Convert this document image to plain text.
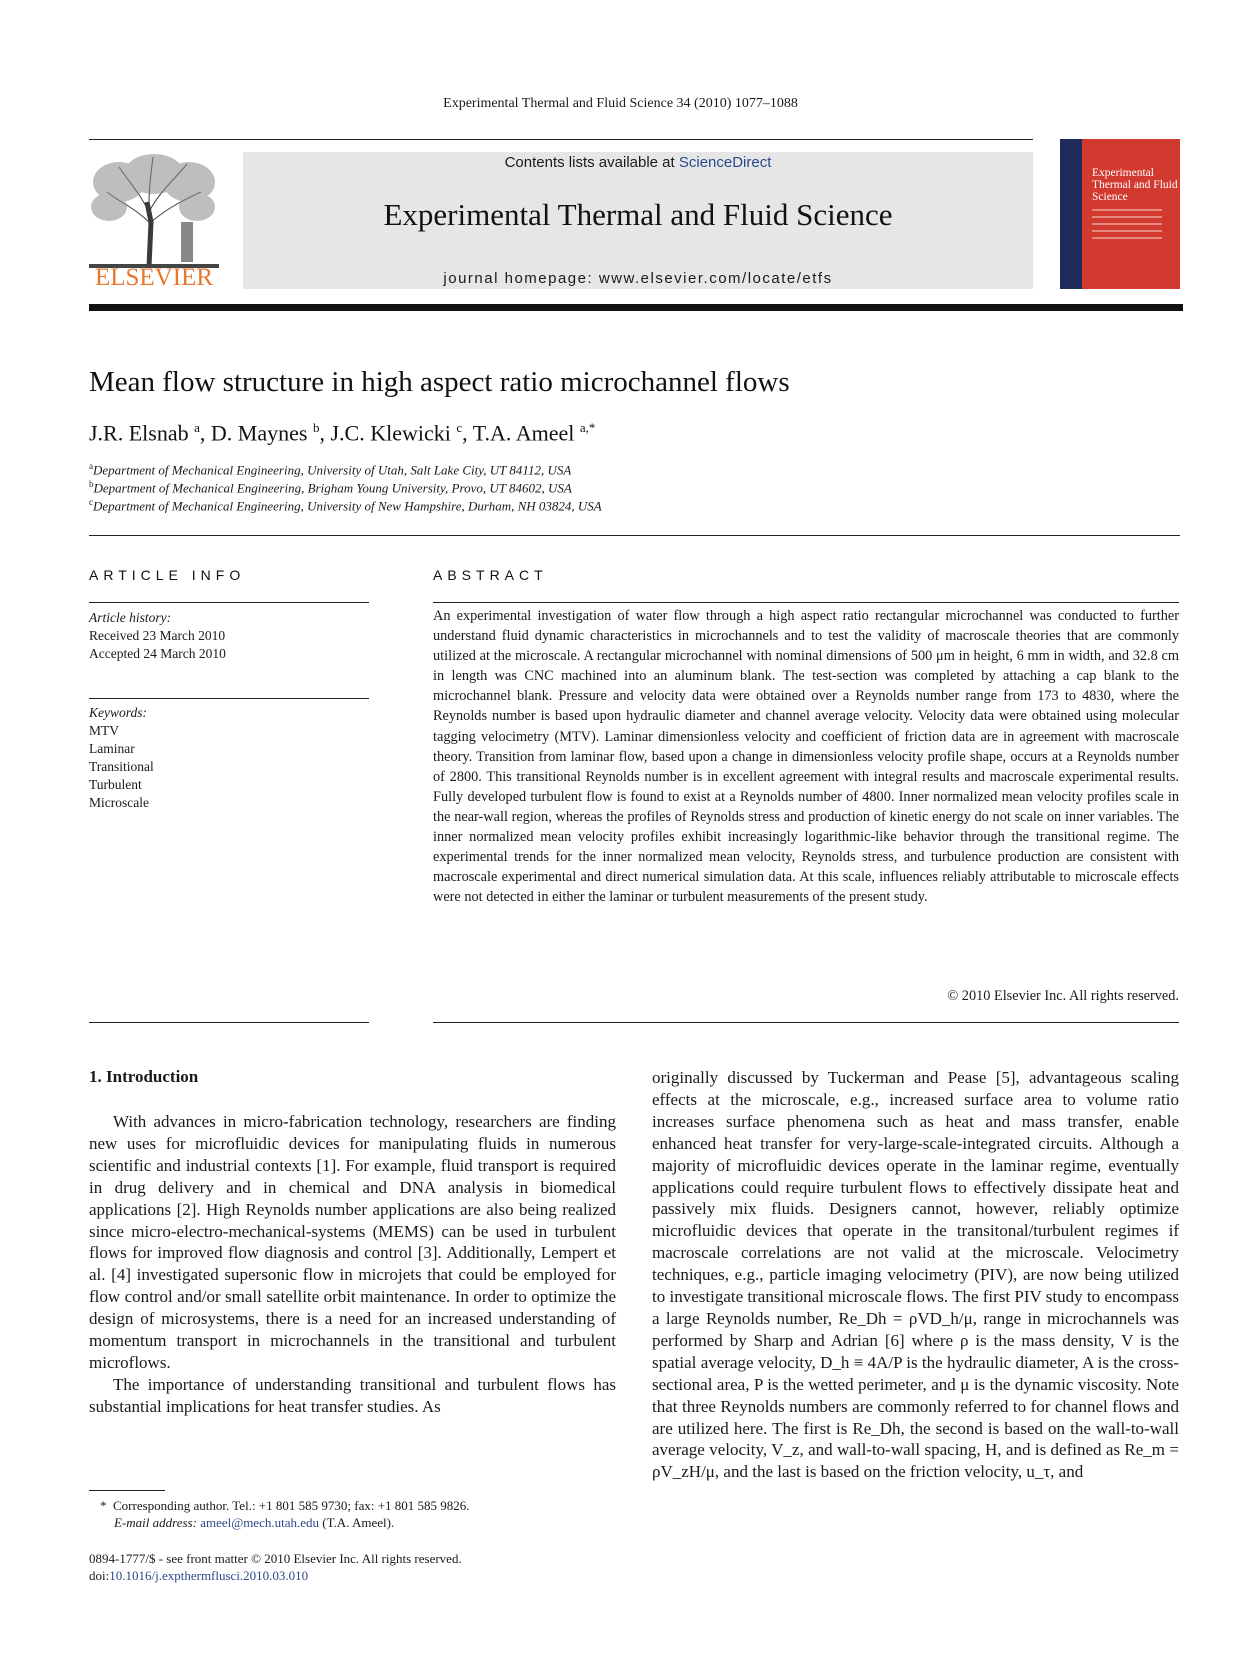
Experimental Thermal and Fluid Science 34 (2010) 1077–1088
ELSEVIER
Contents lists available at ScienceDirect
Experimental Thermal and Fluid Science
journal homepage: www.elsevier.com/locate/etfs
Experimental Thermal and Fluid Science
Mean flow structure in high aspect ratio microchannel flows
J.R. Elsnab $^a$, D. Maynes $^b$, J.C. Klewicki $^c$, T.A. Ameel $^{a,*}$
$^a$Department of Mechanical Engineering, University of Utah, Salt Lake City, UT 84112, USA
$^b$Department of Mechanical Engineering, Brigham Young University, Provo, UT 84602, USA
$^c$Department of Mechanical Engineering, University of New Hampshire, Durham, NH 03824, USA
ARTICLE INFO
Article history:
Received 23 March 2010
Accepted 24 March 2010
Keywords:
MTV
Laminar
Transitional
Turbulent
Microscale
ABSTRACT
An experimental investigation of water flow through a high aspect ratio rectangular microchannel was conducted to further understand fluid dynamic characteristics in microchannels and to test the validity of macroscale theories that are commonly utilized at the microscale. A rectangular microchannel with nominal dimensions of 500 μm in height, 6 mm in width, and 32.8 cm in length was CNC machined into an aluminum blank. The test-section was completed by attaching a cap blank to the microchannel blank. Pressure and velocity data were obtained over a Reynolds number range from 173 to 4830, where the Reynolds number is based upon hydraulic diameter and channel average velocity. Velocity data were obtained using molecular tagging velocimetry (MTV). Laminar dimensionless velocity and coefficient of friction data are in agreement with macroscale theory. Transition from laminar flow, based upon a change in dimensionless velocity profile shape, occurs at a Reynolds number of 2800. This transitional Reynolds number is in excellent agreement with integral results and macroscale experimental results. Fully developed turbulent flow is found to exist at a Reynolds number of 4800. Inner normalized mean velocity profiles scale in the near-wall region, whereas the profiles of Reynolds stress and production of kinetic energy do not scale on inner variables. The inner normalized mean velocity profiles exhibit increasingly logarithmic-like behavior through the transitional regime. The experimental trends for the inner normalized mean velocity, Reynolds stress, and turbulence production are consistent with macroscale experimental and direct numerical simulation data. At this scale, influences reliably attributable to microscale effects were not detected in either the laminar or turbulent measurements of the present study.
© 2010 Elsevier Inc. All rights reserved.
1. Introduction

With advances in micro-fabrication technology, researchers are finding new uses for microfluidic devices for manipulating fluids in numerous scientific and industrial contexts [1]. For example, fluid transport is required in drug delivery and in chemical and DNA analysis in biomedical applications [2]. High Reynolds number applications are also being realized since micro-electro-mechanical-systems (MEMS) can be used in turbulent flows for improved flow diagnosis and control [3]. Additionally, Lempert et al. [4] investigated supersonic flow in microjets that could be employed for flow control and/or small satellite orbit maintenance. In order to optimize the design of microsystems, there is a need for an increased understanding of momentum transport in microchannels in the transitional and turbulent microflows.

The importance of understanding transitional and turbulent flows has substantial implications for heat transfer studies. As

originally discussed by Tuckerman and Pease [5], advantageous scaling effects at the microscale, e.g., increased surface area to volume ratio increases surface phenomena such as heat and mass transfer, enable enhanced heat transfer for very-large-scale-integrated circuits. Although a majority of microfluidic devices operate in the laminar regime, eventually applications could require turbulent flows to effectively dissipate heat and passively mix fluids. Designers cannot, however, reliably optimize microfluidic devices that operate in the transitonal/turbulent regimes if macroscale correlations are not valid at the microscale. Velocimetry techniques, e.g., particle imaging velocimetry (PIV), are now being utilized to investigate transitional microscale flows. The first PIV study to encompass a large Reynolds number, Re_Dh = ρVD_h/μ, range in microchannels was performed by Sharp and Adrian [6] where ρ is the mass density, V is the spatial average velocity, D_h ≡ 4A/P is the hydraulic diameter, A is the cross-sectional area, P is the wetted perimeter, and μ is the dynamic viscosity. Note that three Reynolds numbers are commonly referred to for channel flows and are utilized here. The first is Re_Dh, the second is based on the wall-to-wall average velocity, V_z, and wall-to-wall spacing, H, and is defined as Re_m = ρV_zH/μ, and the last is based on the friction velocity, u_τ, and
* Corresponding author. Tel.: +1 801 585 9730; fax: +1 801 585 9826.
E-mail address: ameel@mech.utah.edu (T.A. Ameel).
0894-1777/$ - see front matter © 2010 Elsevier Inc. All rights reserved.
doi:10.1016/j.expthermflusci.2010.03.010
